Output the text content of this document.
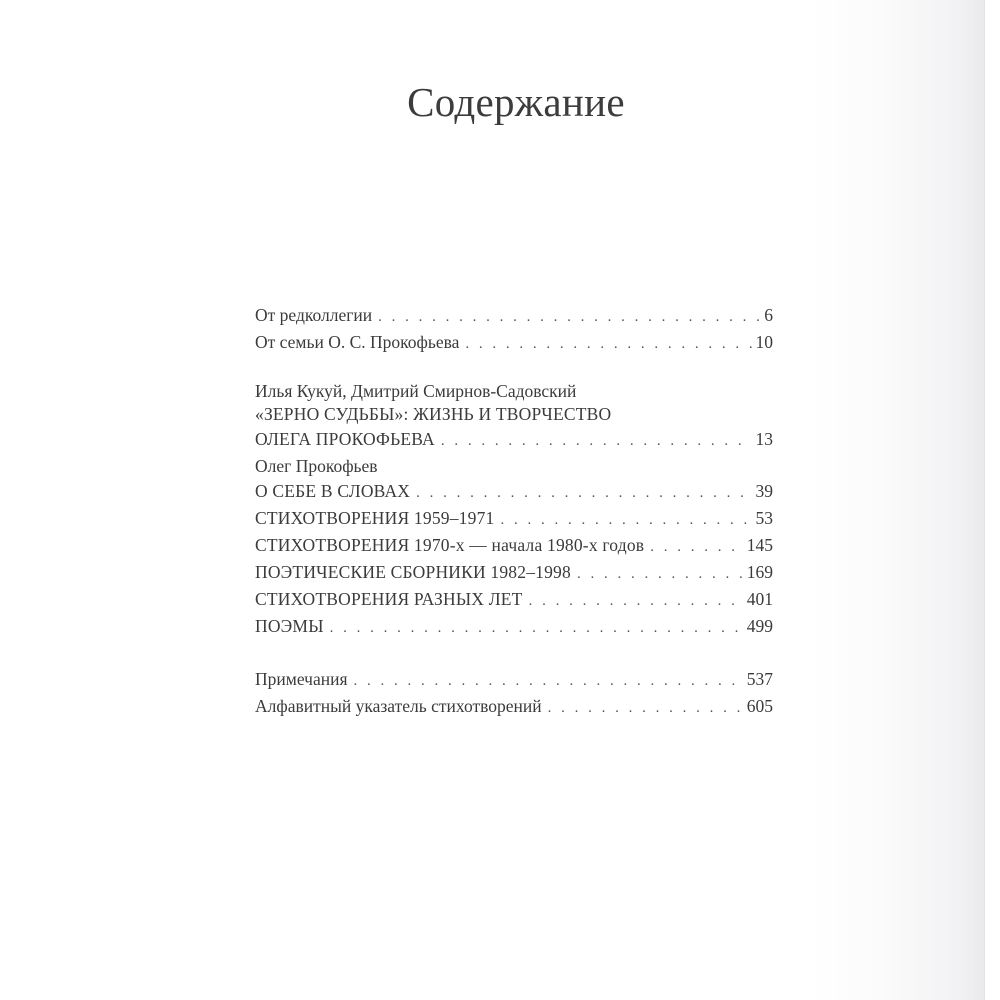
Содержание
От редколлегии . . .	6
От семьи О. С. Прокофьева . . .	10
Илья Кукуй, Дмитрий Смирнов-Садовский
«ЗЕРНО СУДЬБЫ»: ЖИЗНЬ И ТВОРЧЕСТВО
ОЛЕГА ПРОКОФЬЕВА . . .	13
Олег Прокофьев
О СЕБЕ В СЛОВАХ . . .	39
СТИХОТВОРЕНИЯ 1959–1971 . . .	53
СТИХОТВОРЕНИЯ 1970-х — начала 1980-х годов . . .	145
ПОЭТИЧЕСКИЕ СБОРНИКИ 1982–1998 . . .	169
СТИХОТВОРЕНИЯ РАЗНЫХ ЛЕТ . . .	401
ПОЭМЫ . . .	499
Примечания . . .	537
Алфавитный указатель стихотворений . . .	605
